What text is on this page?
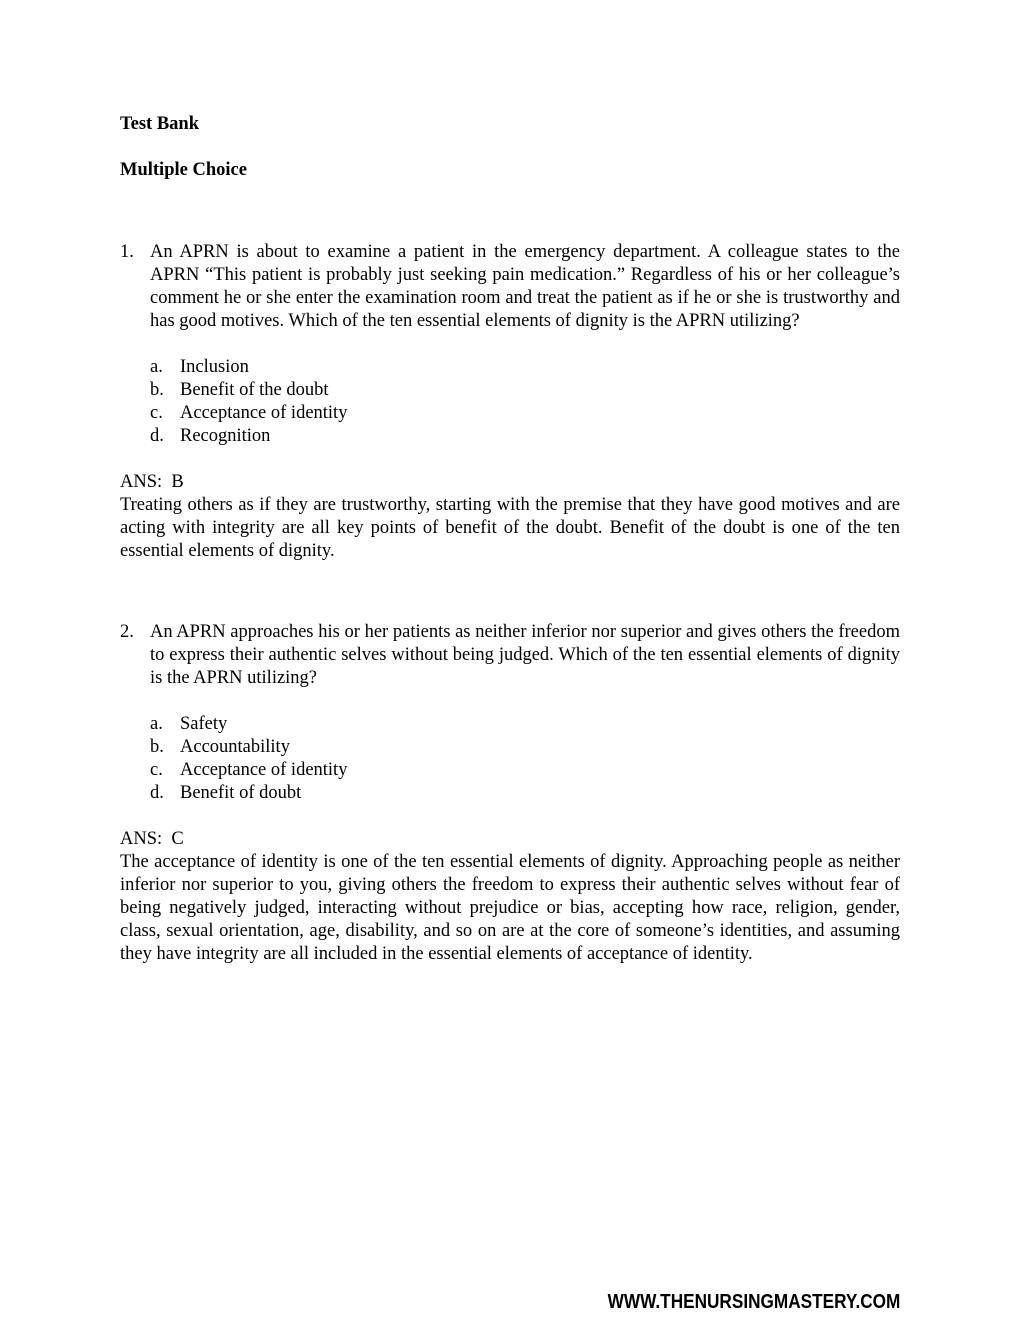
Test Bank

Multiple Choice

1. An APRN is about to examine a patient in the emergency department. A colleague states to the APRN “This patient is probably just seeking pain medication.” Regardless of his or her colleague’s comment he or she enter the examination room and treat the patient as if he or she is trustworthy and has good motives. Which of the ten essential elements of dignity is the APRN utilizing?

a. Inclusion
b. Benefit of the doubt
c. Acceptance of identity
d. Recognition
ANS:  B

Treating others as if they are trustworthy, starting with the premise that they have good motives and are acting with integrity are all key points of benefit of the doubt. Benefit of the doubt is one of the ten essential elements of dignity.

2. An APRN approaches his or her patients as neither inferior nor superior and gives others the freedom to express their authentic selves without being judged. Which of the ten essential elements of dignity is the APRN utilizing?

a. Safety
b. Accountability
c. Acceptance of identity
d. Benefit of doubt
ANS:  C

The acceptance of identity is one of the ten essential elements of dignity. Approaching people as neither inferior nor superior to you, giving others the freedom to express their authentic selves without fear of being negatively judged, interacting without prejudice or bias, accepting how race, religion, gender, class, sexual orientation, age, disability, and so on are at the core of someone’s identities, and assuming they have integrity are all included in the essential elements of acceptance of identity.

WWW.THENURSINGMASTERY.COM
